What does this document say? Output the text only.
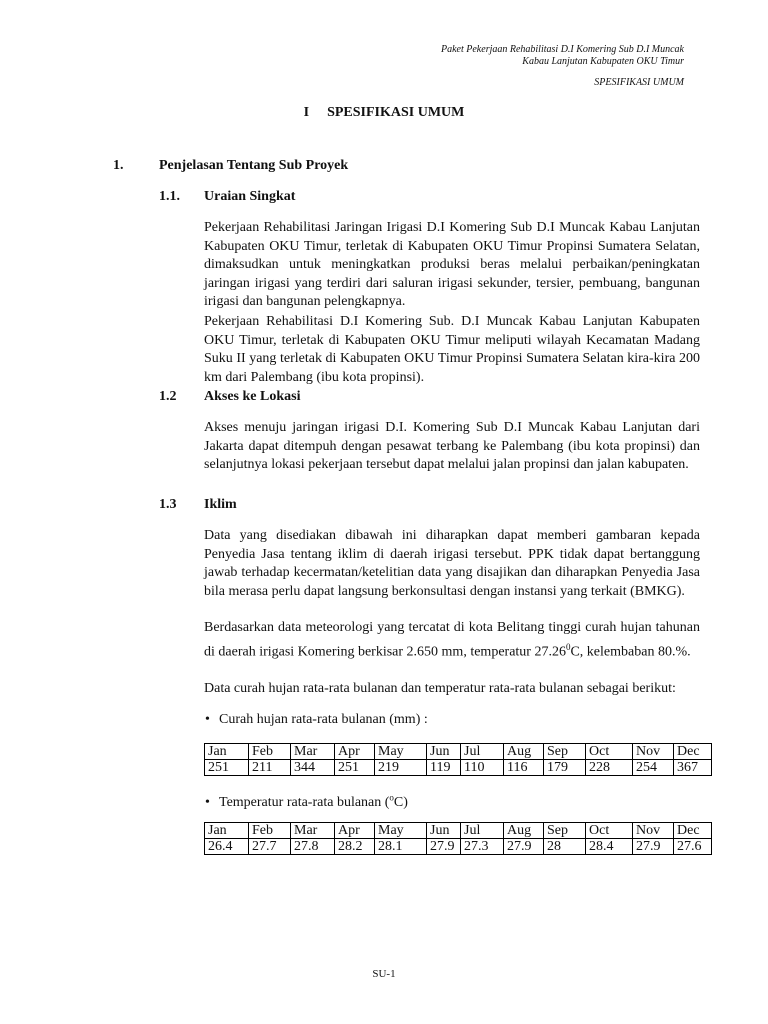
Paket Pekerjaan Rehabilitasi D.I Komering Sub D.I Muncak
Kabau Lanjutan Kabupaten OKU Timur
SPESIFIKASI UMUM
I SPESIFIKASI UMUM
1.	Penjelasan Tentang Sub Proyek
1.1. Uraian Singkat

Pekerjaan Rehabilitasi Jaringan Irigasi D.I Komering Sub D.I Muncak Kabau Lanjutan Kabupaten OKU Timur, terletak di Kabupaten OKU Timur Propinsi Sumatera Selatan, dimaksudkan untuk meningkatkan produksi beras melalui perbaikan/peningkatan jaringan irigasi yang terdiri dari saluran irigasi sekunder, tersier, pembuang, bangunan irigasi dan bangunan pelengkapnya.

Pekerjaan Rehabilitasi D.I Komering Sub. D.I Muncak Kabau Lanjutan Kabupaten OKU Timur, terletak di Kabupaten OKU Timur meliputi wilayah Kecamatan Madang Suku II yang terletak di Kabupaten OKU Timur Propinsi Sumatera Selatan kira-kira 200 km dari Palembang (ibu kota propinsi).

1.2 Akses ke Lokasi

Akses menuju jaringan irigasi D.I. Komering Sub D.I Muncak Kabau Lanjutan dari Jakarta dapat ditempuh dengan pesawat terbang ke Palembang (ibu kota propinsi) dan selanjutnya lokasi pekerjaan tersebut dapat melalui jalan propinsi dan jalan kabupaten.

1.3 Iklim

Data yang disediakan dibawah ini diharapkan dapat memberi gambaran kepada Penyedia Jasa tentang iklim di daerah irigasi tersebut. PPK tidak dapat bertanggung jawab terhadap kecermatan/ketelitian data yang disajikan dan diharapkan Penyedia Jasa bila merasa perlu dapat langsung berkonsultasi dengan instansi yang terkait (BMKG).

Berdasarkan data meteorologi yang tercatat di kota Belitang tinggi curah hujan tahunan di daerah irigasi Komering berkisar 2.650 mm, temperatur 27.26$^0$C, kelembaban 80.%.

Data curah hujan rata-rata bulanan dan temperatur rata-rata bulanan sebagai berikut:

• Curah hujan rata-rata bulanan (mm) :
Jan	Feb	Mar	Apr	May	Jun	Jul	Aug	Sep	Oct	Nov	Dec
251	211	344	251	219	119	110	116	179	228	254	367
• Temperatur rata-rata bulanan ($^o$C)
Jan	Feb	Mar	Apr	May	Jun	Jul	Aug	Sep	Oct	Nov	Dec
26.4	27.7	27.8	28.2	28.1	27.9	27.3	27.9	28	28.4	27.9	27.6
SU-1
